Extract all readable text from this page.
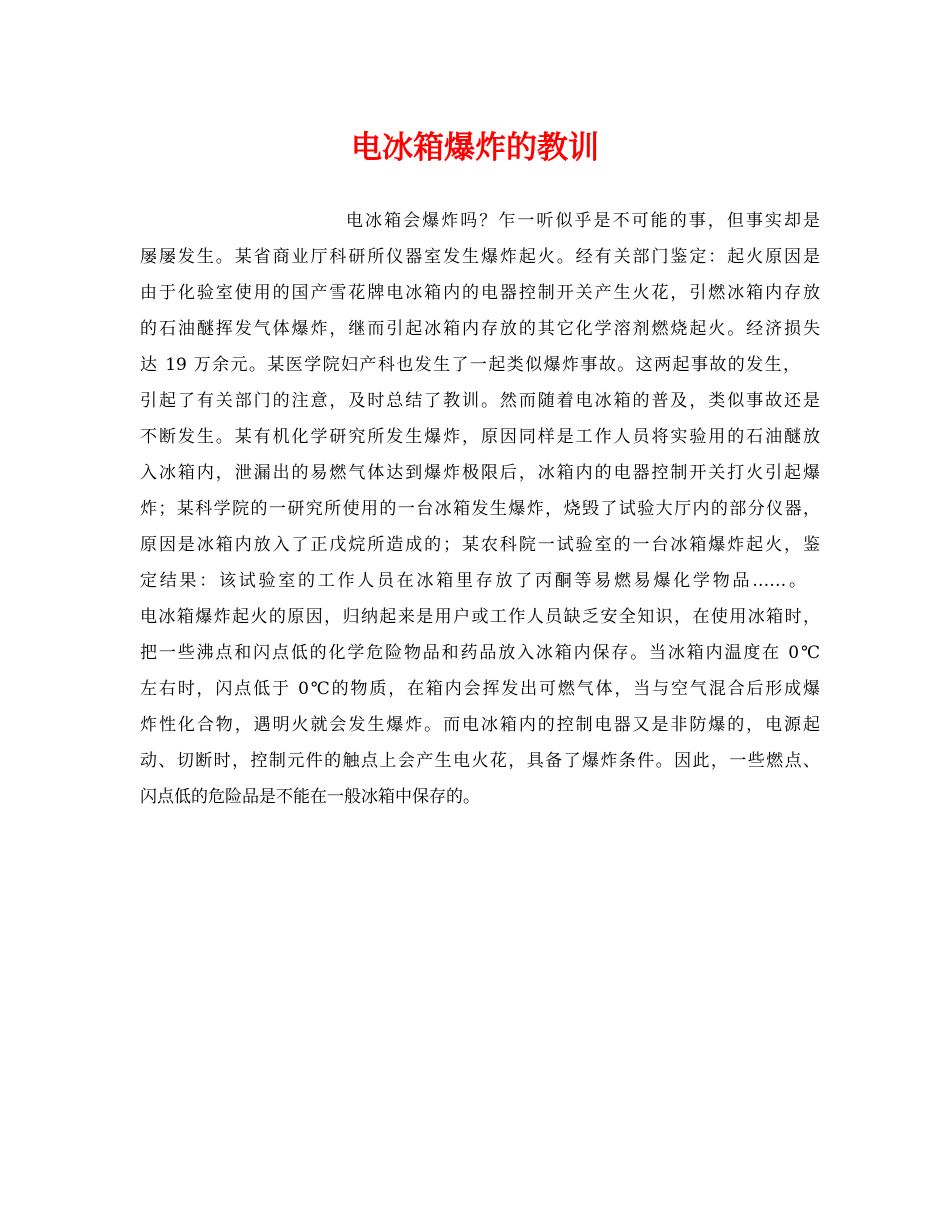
电冰箱爆炸的教训
电冰箱会爆炸吗？乍一听似乎是不可能的事，但事实却是
屡屡发生。某省商业厅科研所仪器室发生爆炸起火。经有关部门鉴定：起火原因是
由于化验室使用的国产雪花牌电冰箱内的电器控制开关产生火花，引燃冰箱内存放
的石油醚挥发气体爆炸，继而引起冰箱内存放的其它化学溶剂燃烧起火。经济损失
达 19 万余元。某医学院妇产科也发生了一起类似爆炸事故。这两起事故的发生，
引起了有关部门的注意，及时总结了教训。然而随着电冰箱的普及，类似事故还是
不断发生。某有机化学研究所发生爆炸，原因同样是工作人员将实验用的石油醚放
入冰箱内，泄漏出的易燃气体达到爆炸极限后，冰箱内的电器控制开关打火引起爆
炸；某科学院的一研究所使用的一台冰箱发生爆炸，烧毁了试验大厅内的部分仪器，
原因是冰箱内放入了正戊烷所造成的；某农科院一试验室的一台冰箱爆炸起火，鉴
定结果：该试验室的工作人员在冰箱里存放了丙酮等易燃易爆化学物品……。
电冰箱爆炸起火的原因，归纳起来是用户或工作人员缺乏安全知识，在使用冰箱时，
把一些沸点和闪点低的化学危险物品和药品放入冰箱内保存。当冰箱内温度在 0℃
左右时，闪点低于 0℃的物质，在箱内会挥发出可燃气体，当与空气混合后形成爆
炸性化合物，遇明火就会发生爆炸。而电冰箱内的控制电器又是非防爆的，电源起
动、切断时，控制元件的触点上会产生电火花，具备了爆炸条件。因此，一些燃点、
闪点低的危险品是不能在一般冰箱中保存的。
